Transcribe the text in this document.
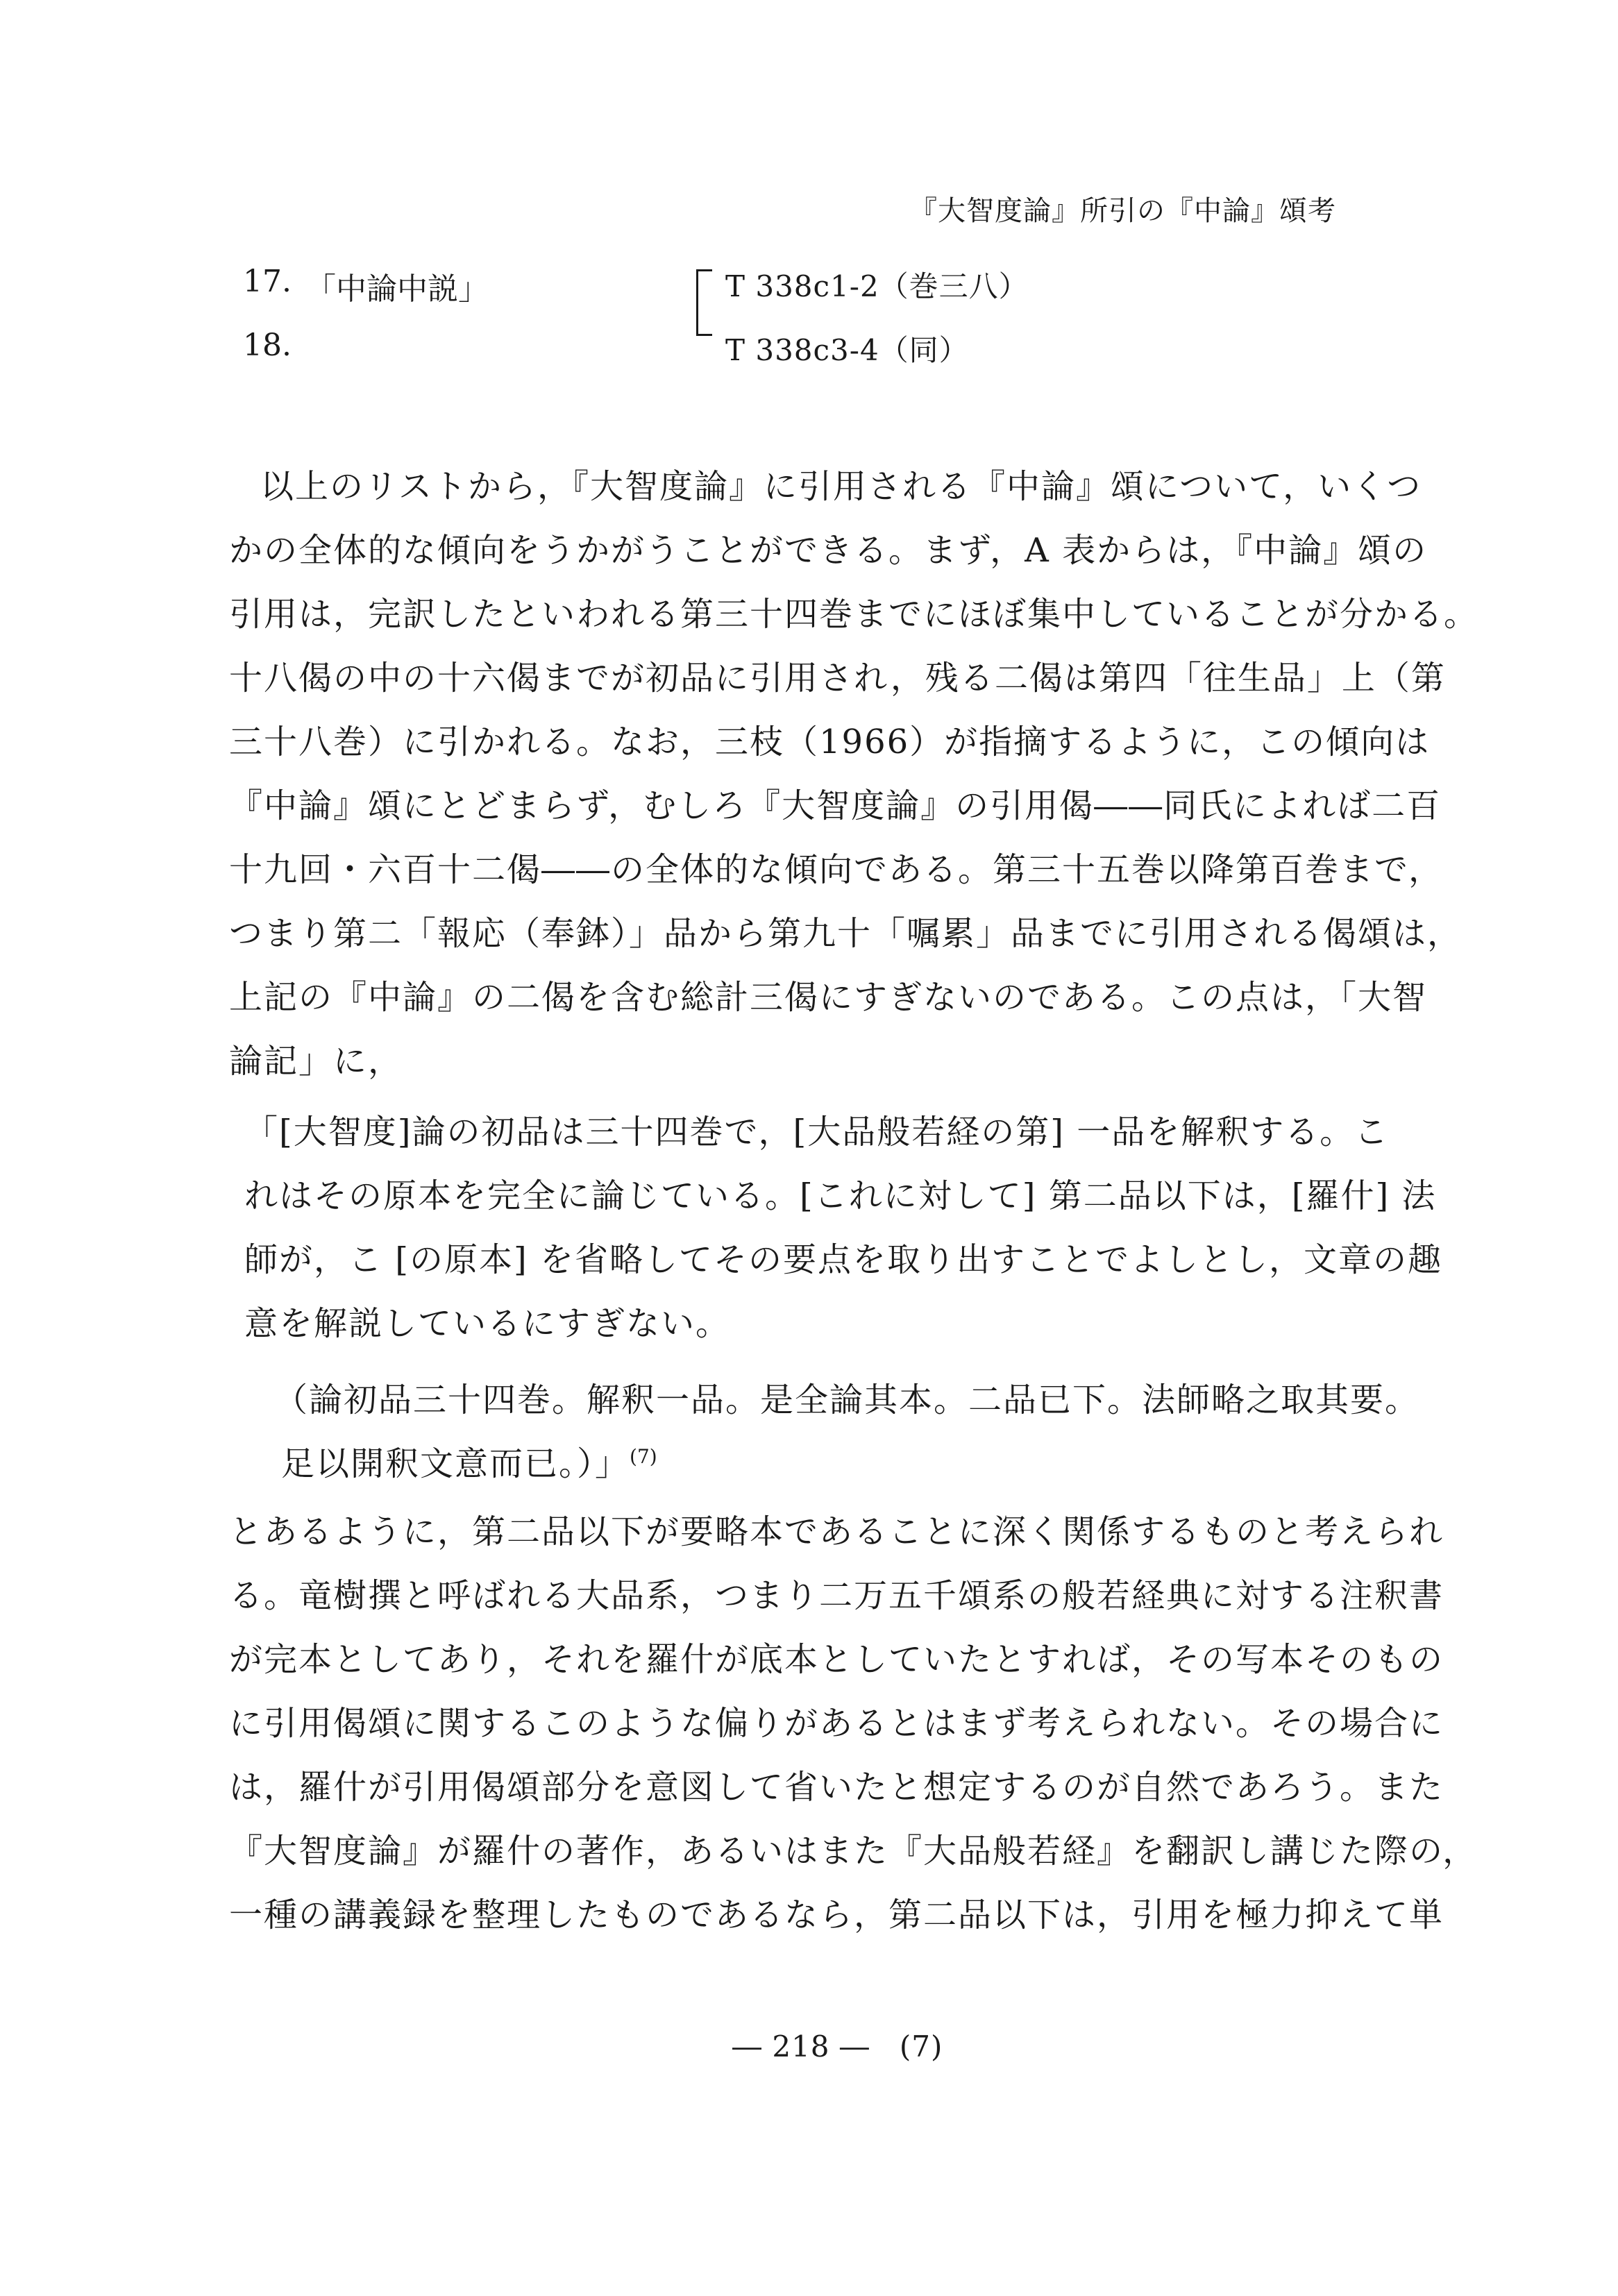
『大智度論』所引の『中論』頌考
17. 「中論中説」	T 338c1-2（巻三八）
18.	T 338c3-4（同）
以上のリストから，『大智度論』に引用される『中論』頌について，いくつ
かの全体的な傾向をうかがうことができる。まず，A 表からは，『中論』頌の
引用は，完訳したといわれる第三十四巻までにほぼ集中していることが分かる。
十八偈の中の十六偈までが初品に引用され，残る二偈は第四「往生品」上（第
三十八巻）に引かれる。なお，三枝（1966）が指摘するように，この傾向は
『中論』頌にとどまらず，むしろ『大智度論』の引用偈――同氏によれば二百
十九回・六百十二偈――の全体的な傾向である。第三十五巻以降第百巻まで，
つまり第二「報応（奉鉢）」品から第九十「嘱累」品までに引用される偈頌は，
上記の『中論』の二偈を含む総計三偈にすぎないのである。この点は，「大智
論記」に，
「[大智度]論の初品は三十四巻で，[大品般若経の第] 一品を解釈する。こ
れはその原本を完全に論じている。[これに対して] 第二品以下は，[羅什] 法
師が，こ [の原本] を省略してその要点を取り出すことでよしとし，文章の趣
意を解説しているにすぎない。
（論初品三十四巻。解釈一品。是全論其本。二品已下。法師略之取其要。
足以開釈文意而已。）」$^{(7)}$
とあるように，第二品以下が要略本であることに深く関係するものと考えられ
る。竜樹撰と呼ばれる大品系，つまり二万五千頌系の般若経典に対する注釈書
が完本としてあり，それを羅什が底本としていたとすれば，その写本そのもの
に引用偈頌に関するこのような偏りがあるとはまず考えられない。その場合に
は，羅什が引用偈頌部分を意図して省いたと想定するのが自然であろう。また
『大智度論』が羅什の著作，あるいはまた『大品般若経』を翻訳し講じた際の，
一種の講義録を整理したものであるなら，第二品以下は，引用を極力抑えて単
― 218 ―　(7)
